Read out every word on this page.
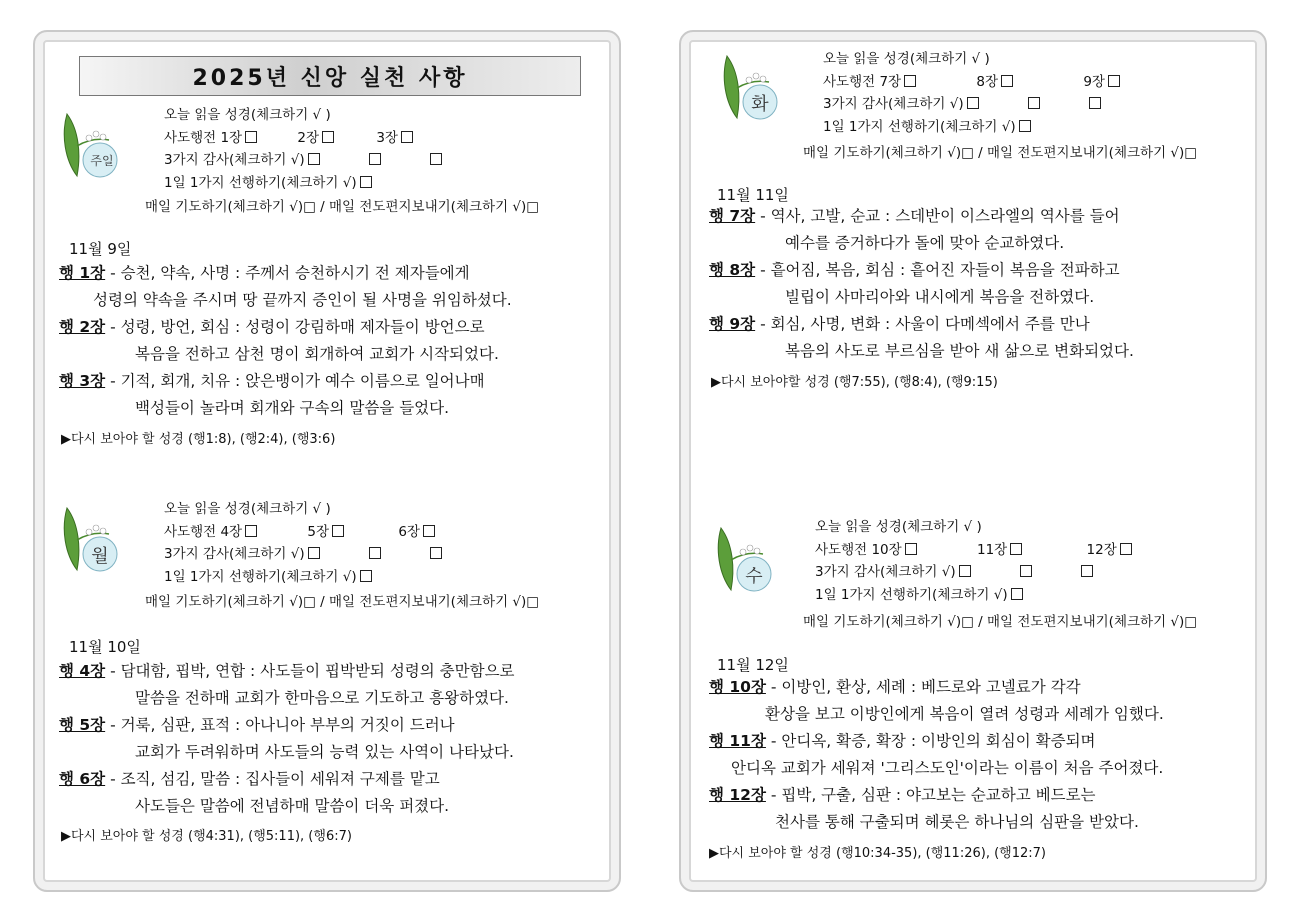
2025년 신앙 실천 사항
주일
오늘 읽을 성경(체크하기 √ )
사도행전 1장	2장	3장
3가지 감사(체크하기 √)
1일 1가지 선행하기(체크하기 √)
매일 기도하기(체크하기 √)□ / 매일 전도편지보내기(체크하기 √)□
11월 9일
행 1장 - 승천, 약속, 사명 : 주께서 승천하시기 전 제자들에게
성령의 약속을 주시며 땅 끝까지 증인이 될 사명을 위임하셨다.
행 2장 - 성령, 방언, 회심 : 성령이 강림하매 제자들이 방언으로
복음을 전하고 삼천 명이 회개하여 교회가 시작되었다.
행 3장 - 기적, 회개, 치유 : 앉은뱅이가 예수 이름으로 일어나매
백성들이 놀라며 회개와 구속의 말씀을 들었다.
▶다시 보아야 할 성경 (행1:8), (행2:4), (행3:6)
월
오늘 읽을 성경(체크하기 √ )
사도행전 4장	5장	6장
3가지 감사(체크하기 √)
1일 1가지 선행하기(체크하기 √)
매일 기도하기(체크하기 √)□ / 매일 전도편지보내기(체크하기 √)□
11월 10일
행 4장 - 담대함, 핍박, 연합 : 사도들이 핍박받되 성령의 충만함으로
말씀을 전하매 교회가 한마음으로 기도하고 흥왕하였다.
행 5장 - 거룩, 심판, 표적 : 아나니아 부부의 거짓이 드러나
교회가 두려워하며 사도들의 능력 있는 사역이 나타났다.
행 6장 - 조직, 섬김, 말씀 : 집사들이 세워져 구제를 맡고
사도들은 말씀에 전념하매 말씀이 더욱 퍼졌다.
▶다시 보아야 할 성경 (행4:31), (행5:11), (행6:7)
화
오늘 읽을 성경(체크하기 √ )
사도행전 7장	8장	9장
3가지 감사(체크하기 √)
1일 1가지 선행하기(체크하기 √)
매일 기도하기(체크하기 √)□ / 매일 전도편지보내기(체크하기 √)□
11월 11일
행 7장 - 역사, 고발, 순교 : 스데반이 이스라엘의 역사를 들어
예수를 증거하다가 돌에 맞아 순교하였다.
행 8장 - 흩어짐, 복음, 회심 : 흩어진 자들이 복음을 전파하고
빌립이 사마리아와 내시에게 복음을 전하였다.
행 9장 - 회심, 사명, 변화 : 사울이 다메섹에서 주를 만나
복음의 사도로 부르심을 받아 새 삶으로 변화되었다.
▶다시 보아야할 성경 (행7:55), (행8:4), (행9:15)
수
오늘 읽을 성경(체크하기 √ )
사도행전 10장	11장	12장
3가지 감사(체크하기 √)
1일 1가지 선행하기(체크하기 √)
매일 기도하기(체크하기 √)□ / 매일 전도편지보내기(체크하기 √)□
11월 12일
행 10장 - 이방인, 환상, 세례 : 베드로와 고넬료가 각각
환상을 보고 이방인에게 복음이 열려 성령과 세례가 임했다.
행 11장 - 안디옥, 확증, 확장 : 이방인의 회심이 확증되며
안디옥 교회가 세워져 '그리스도인'이라는 이름이 처음 주어졌다.
행 12장 - 핍박, 구출, 심판 : 야고보는 순교하고 베드로는
천사를 통해 구출되며 헤롯은 하나님의 심판을 받았다.
▶다시 보아야 할 성경 (행10:34-35), (행11:26), (행12:7)
